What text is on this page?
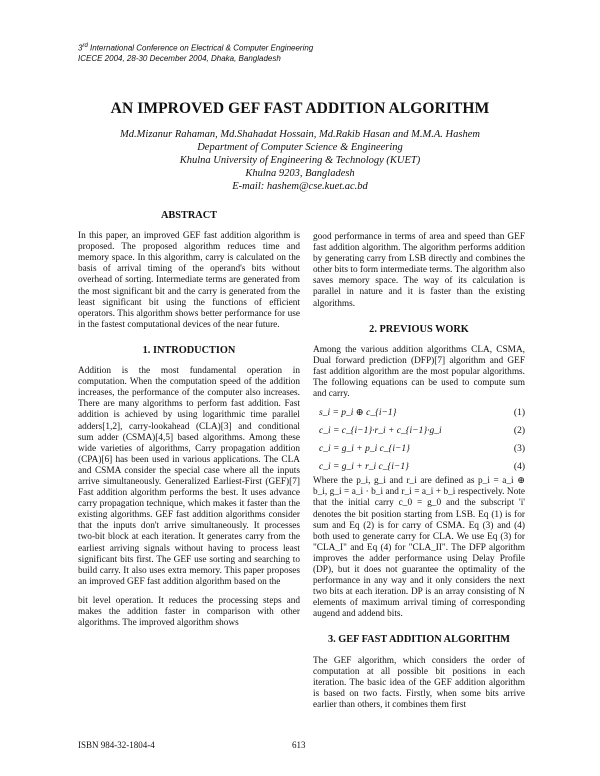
3rd International Conference on Electrical & Computer Engineering
ICECE 2004, 28-30 December 2004, Dhaka, Bangladesh
AN IMPROVED GEF FAST ADDITION ALGORITHM
Md.Mizanur Rahaman, Md.Shahadat Hossain, Md.Rakib Hasan and M.M.A. Hashem
Department of Computer Science & Engineering
Khulna University of Engineering & Technology (KUET)
Khulna 9203, Bangladesh
E-mail: hashem@cse.kuet.ac.bd
ABSTRACT

In this paper, an improved GEF fast addition algorithm is proposed. The proposed algorithm reduces time and memory space. In this algorithm, carry is calculated on the basis of arrival timing of the operand's bits without overhead of sorting. Intermediate terms are generated from the most significant bit and the carry is generated from the least significant bit using the functions of efficient operators. This algorithm shows better performance for use in the fastest computational devices of the near future.

1. INTRODUCTION

Addition is the most fundamental operation in computation. When the computation speed of the addition increases, the performance of the computer also increases. There are many algorithms to perform fast addition. Fast addition is achieved by using logarithmic time parallel adders[1,2], carry-lookahead (CLA)[3] and conditional sum adder (CSMA)[4,5] based algorithms. Among these wide varieties of algorithms, Carry propagation addition (CPA)[6] has been used in various applications. The CLA and CSMA consider the special case where all the inputs arrive simultaneously. Generalized Earliest-First (GEF)[7] Fast addition algorithm performs the best. It uses advance carry propagation technique, which makes it faster than the existing algorithms. GEF fast addition algorithms consider that the inputs don't arrive simultaneously. It processes two-bit block at each iteration. It generates carry from the earliest arriving signals without having to process least significant bits first. The GEF use sorting and searching to build carry. It also uses extra memory. This paper proposes an improved GEF fast addition algorithm based on the

bit level operation. It reduces the processing steps and makes the addition faster in comparison with other algorithms. The improved algorithm shows

good performance in terms of area and speed than GEF fast addition algorithm. The algorithm performs addition by generating carry from LSB directly and combines the other bits to form intermediate terms. The algorithm also saves memory space. The way of its calculation is parallel in nature and it is faster than the existing algorithms.

2. PREVIOUS WORK

Among the various addition algorithms CLA, CSMA, Dual forward prediction (DFP)[7] algorithm and GEF fast addition algorithm are the most popular algorithms. The following equations can be used to compute sum and carry.

s_i = p_i ⊕ c_{i−1}	(1)
c_i = c_{i−1}·r_i + c_{i−1}·g_i	(2)
c_i = g_i + p_i c_{i−1}	(3)
c_i = g_i + r_i c_{i−1}	(4)

Where the p_i, g_i and r_i are defined as p_i = a_i ⊕ b_i, g_i = a_i · b_i and r_i = a_i + b_i respectively. Note that the initial carry c_0 = g_0 and the subscript 'i' denotes the bit position starting from LSB. Eq (1) is for sum and Eq (2) is for carry of CSMA. Eq (3) and (4) both used to generate carry for CLA. We use Eq (3) for "CLA_I" and Eq (4) for "CLA_II". The DFP algorithm improves the adder performance using Delay Profile (DP), but it does not guarantee the optimality of the performance in any way and it only considers the next two bits at each iteration. DP is an array consisting of N elements of maximum arrival timing of corresponding augend and addend bits.

3. GEF FAST ADDITION ALGORITHM

The GEF algorithm, which considers the order of computation at all possible bit positions in each iteration. The basic idea of the GEF addition algorithm is based on two facts. Firstly, when some bits arrive earlier than others, it combines them first

ISBN 984-32-1804-4	613
